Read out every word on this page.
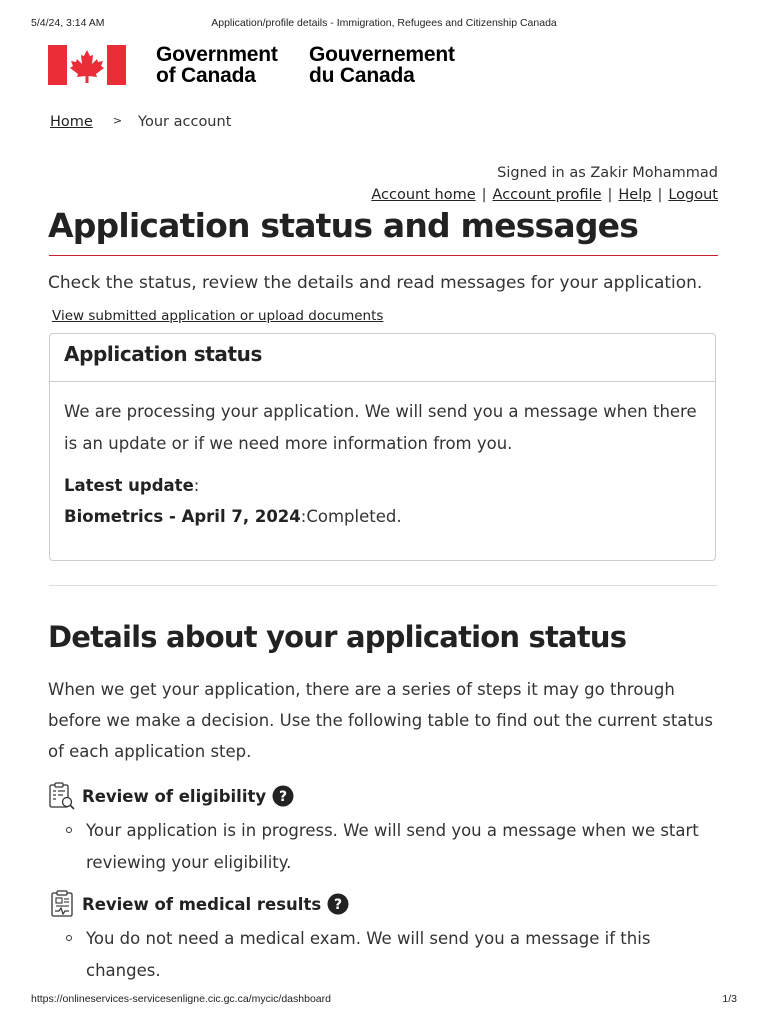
5/4/24, 3:14 AM	Application/profile details - Immigration, Refugees and Citizenship Canada
Government
of Canada
Gouvernement
du Canada
Home > Your account
Signed in as Zakir Mohammad
Account home | Account profile | Help | Logout
Application status and messages
Check the status, review the details and read messages for your application. View submitted application or upload documents
Application status
We are processing your application. We will send you a message when there is an update or if we need more information from you.
Latest update:
Biometrics - April 7, 2024:Completed.
Details about your application status
When we get your application, there are a series of steps it may go through before we make a decision. Use the following table to find out the current status of each application step.
Review of eligibility ?
Your application is in progress. We will send you a message when we start reviewing your eligibility.
Review of medical results ?
You do not need a medical exam. We will send you a message if this changes.
https://onlineservices-servicesenligne.cic.gc.ca/mycic/dashboard	1/3
